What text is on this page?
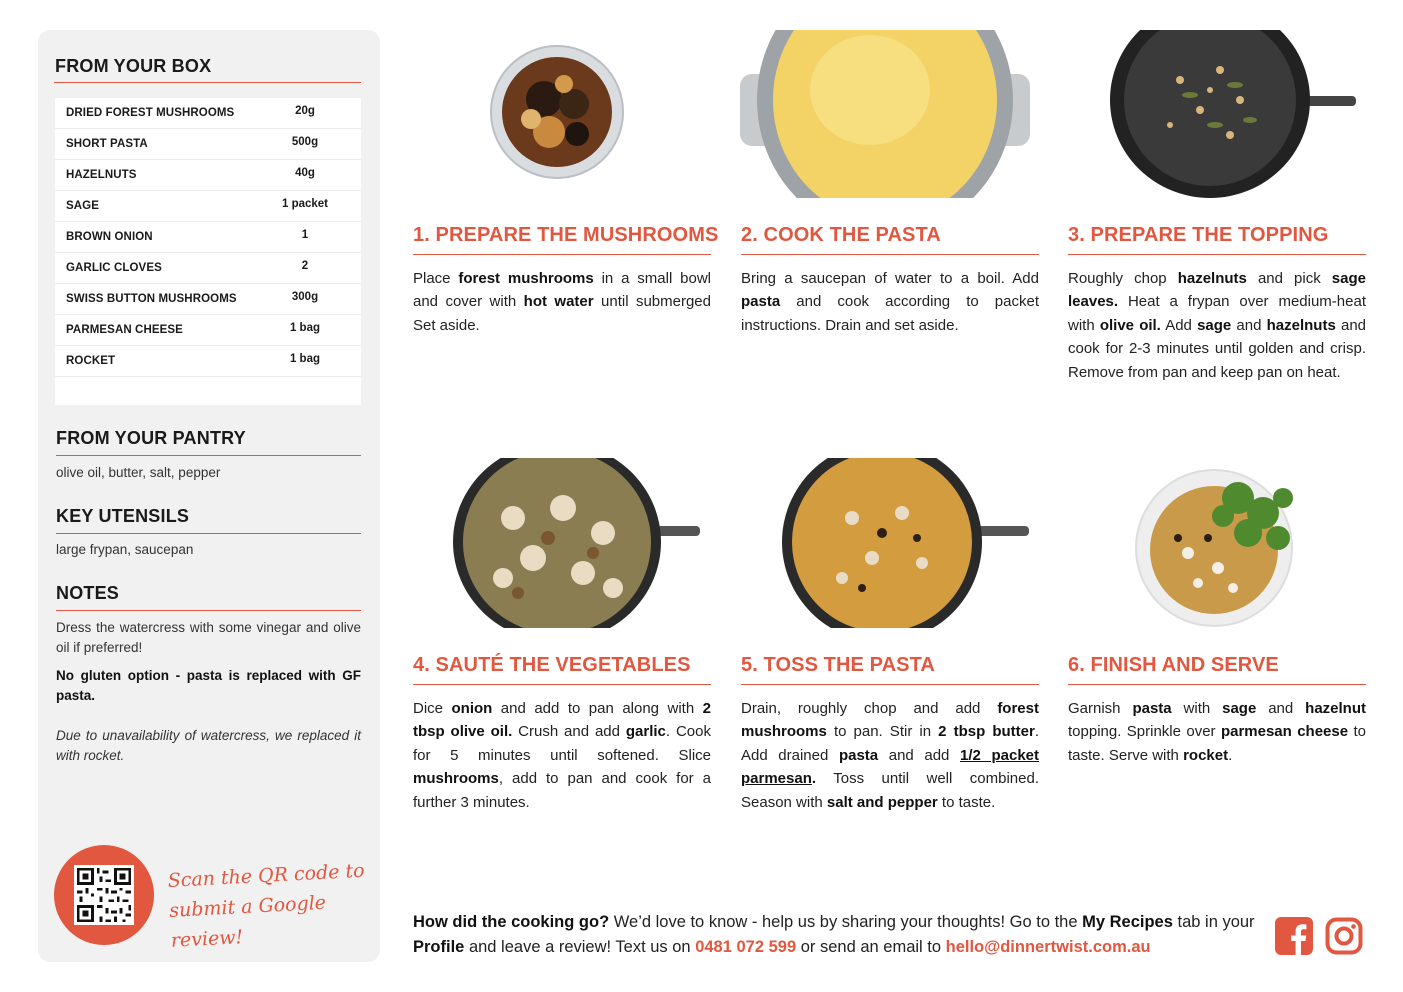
FROM YOUR BOX
DRIED FOREST MUSHROOMS	20g
SHORT PASTA	500g
HAZELNUTS	40g
SAGE	1 packet
BROWN ONION	1
GARLIC CLOVES	2
SWISS BUTTON MUSHROOMS	300g
PARMESAN CHEESE	1 bag
ROCKET	1 bag
FROM YOUR PANTRY
olive oil, butter, salt, pepper
KEY UTENSILS
large frypan, saucepan
NOTES
Dress the watercress with some vinegar and olive oil if preferred!
No gluten option - pasta is replaced with GF pasta.
Due to unavailability of watercress, we replaced it with rocket.
Scan the QR code to
submit a Google review!
1. PREPARE THE MUSHROOMS
Place forest mushrooms in a small bowl and cover with hot water until submerged Set aside.
2. COOK THE PASTA
Bring a saucepan of water to a boil. Add pasta and cook according to packet instructions. Drain and set aside.
3. PREPARE THE TOPPING
Roughly chop hazelnuts and pick sage leaves. Heat a frypan over medium-heat with olive oil. Add sage and hazelnuts and cook for 2-3 minutes until golden and crisp. Remove from pan and keep pan on heat.
4. SAUTÉ THE VEGETABLES
Dice onion and add to pan along with 2 tbsp olive oil. Crush and add garlic. Cook for 5 minutes until softened. Slice mushrooms, add to pan and cook for a further 3 minutes.
5. TOSS THE PASTA
Drain, roughly chop and add forest mushrooms to pan. Stir in 2 tbsp butter. Add drained pasta and add 1/2 packet parmesan. Toss until well combined. Season with salt and pepper to taste.
6. FINISH AND SERVE
Garnish pasta with sage and hazelnut topping. Sprinkle over parmesan cheese to taste. Serve with rocket.
How did the cooking go? We’d love to know - help us by sharing your thoughts! Go to the My Recipes tab in your Profile and leave a review! Text us on 0481 072 599 or send an email to hello@dinnertwist.com.au
